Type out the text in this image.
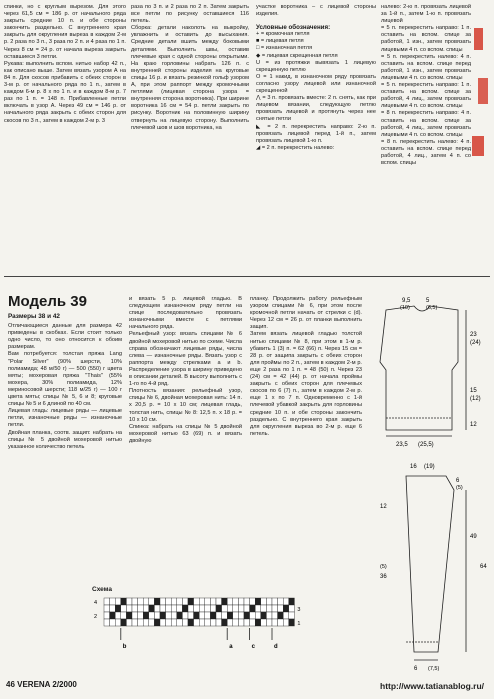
спинки, но с круглым вырезом. Для этого через 61,5 см = 186 р. от начального ряда закрыть средние 10 п. и обе стороны закончить раздельно. С внутреннего края закрыть для округления выреза в каждом 2-м р. 2 раза по 3 п., 3 раза по 2 п. и 4 раза по 1 п. Через 8 см = 24 р. от начала выреза закрыть оставшиеся 3 петли.

Рукава: выполнить вспом. нитью набор 42 п., как описано выше. Затем вязать узором А на 84 п. Для скосов прибавить с обеих сторон в 3-м р. от начального ряда по 1 п., затем в каждом 6-м р. 8 х по 1 п. и в каждом 8-м р. 7 раз по 1 п. = 148 п. Прибавленные петли включать в узор А. Через 49 см = 146 р. от начального ряда закрыть с обеих сторон для скосов по 3 п., затем в каждом 2-м р. 3

раза по 3 п. и 2 раза по 2 п. Затем закрыть все петли по рисунку оставшиеся 116 петель.

Сборка: детали наколоть на выкройку, увлажнить и оставить до высыхания. Средние детали вшить между боковыми деталями. Выполнить швы, оставив плечевые края с одной стороны открытыми. На краю горловины набрать 126 п. с внутренней стороны изделия на круговые спицы 16 р. и вязать резинкой гольф узором А, при этом раппорт между кромочными петлями (лицевая сторона узора = внутренняя сторона воротника). При ширине воротника 16 см = 54 р. петли закрыть по рисунку. Воротник на половинную ширину отвернуть на лицевую сторону. Выполнить плечевой шов и шов воротника, на

участке воротника – с лицевой стороны изделия.

Условные обозначения:

+ = кромочная петля

■ = лицевая петля

□ = изнаночная петля

◆ = лицевая скрещенная петля

U = из протяжки вывязать 1 лицевую скрещенную петлю

O = 1 накид, в изнаночном ряду провязать согласно узору лицевой или изнаночной скрещенной

⋀ = 3 п. провязать вместе: 2 п. снять, как при лицевом вязании, следующую петлю провязать лицевой и протянуть через нее снятые петли

◣ = 2 п. перекрестить направо: 2-ю п. провязать лицевой перед 1-й п., затем провязать лицевой 1-ю п.

◢ = 2 п. перекрестить налево:

налево: 2-ю п. провязать лицевой за 1-й п., затем 1-ю п. провязать лицевой

= 5 п. перекрестить направо: 1 п. оставить на вспом. спице за работой, 1 изн., затем провязать лицевыми 4 п. со вспом. спицы

= 5 п. перекрестить налево: 4 п. оставить на вспом. спице перед работой, 1 изн., затем провязать лицевыми 4 п. со вспом. спицы

= 5 п. перекрестить направо: 1 п. оставить на вспом. спице за работой, 4 лиц., затем провязать лицевыми 4 п. со вспом. спицы

= 8 п. перекрестить направо: 4 п. оставить на вспом. спице за работой, 4 лиц., затем провязать лицевыми 4 п. со вспом. спицы

= 8 п. перекрестить налево: 4 п. оставить на вспом. спице перед работой, 4 лиц., затем 4 п. со вспом. спицы

Модель 39

Размеры 38 и 42

Отличающиеся данные для размера 42 приведены в скобках. Если стоит только одно число, то оно относится к обоим размерам.

Вам потребуется: толстая пряжа Lang "Polar Silver" (90% шерсти, 10% полиамида; 48 м/50 г) — 500 (550) г цвета мяты; мохеровая пряжа "Thais" (55% мохера, 30% полиамида, 12% мериносовой шерсти; 118 м/25 г) — 100 г цвета мяты; спицы № 5, 6 и 8; круговые спицы № 5 и 6 длиной по 40 см.

Лицевая гладь: лицевые ряды — лицевые петли, изнаночные ряды — изнаночные петли.

Двойная планка, соотв. защип: набрать на спицы № 5 двойной мохеровой нитью указанное количество петель

и вязать 5 р. лицевой гладью. В следующем изнаночном ряду петли на спице последовательно провязать изнаночными вместе с петлями начального ряда.

Рельефный узор: вязать спицами № 6 двойной мохеровой нитью по схеме. Числа справа обозначают лицевые ряды, числа слева — изнаночные ряды. Вязать узор с раппорта между стрелками а и b. Распределение узора в ширину приведено в описании деталей. В высоту выполнить с 1-го по 4-й ряд.

Плотность вязания: рельефный узор, спицы № 6, двойная мохеровая нить: 14 п. х 20,5 р. = 10 х 10 см; лицевая гладь, толстая нить, спицы № 8: 12,5 п. х 18 р. = 10 х 10 см.

Спинка: набрать на спицы № 5 двойной мохеровой нитью 63 (69) п. и вязать двойную

планку. Продолжить работу рельефным узором спицами № 6, при этом после кромочной петли начать от стрелки с (d). Через 12 см = 26 р. от планки выполнить защип.

Затем вязать лицевой гладью толстой нитью спицами № 8, при этом в 1-м р. убавить 1 (3) п. = 62 (66) п. Через 15 см = 28 р. от защипа закрыть с обеих сторон для проймы по 2 п., затем в каждом 2-м р. еще 2 раза по 1 п. = 48 (50) п. Через 23 (24) см = 42 (44) р. от начала проймы закрыть с обеих сторон для плечевых скосов по 6 (7) п., затем в каждом 2-м р. еще 1 х по 7 п. Одновременно с 1-й плечевой убавкой закрыть для горловины средние 10 п. и обе стороны закончить раздельно. С внутреннего края закрыть для округления выреза во 2-м р. еще 6 петель.

9,5	5
(10)	(6,5)
(24)
23
(12)
15
12
23,5 (25,5)
16 (19)
6
(5)
12
49
64
(5)
36
6 (7,5)
Схема
3
1
4
2
b	a	c	d
46 VERENA 2/2000	http://www.tatianablog.ru/
